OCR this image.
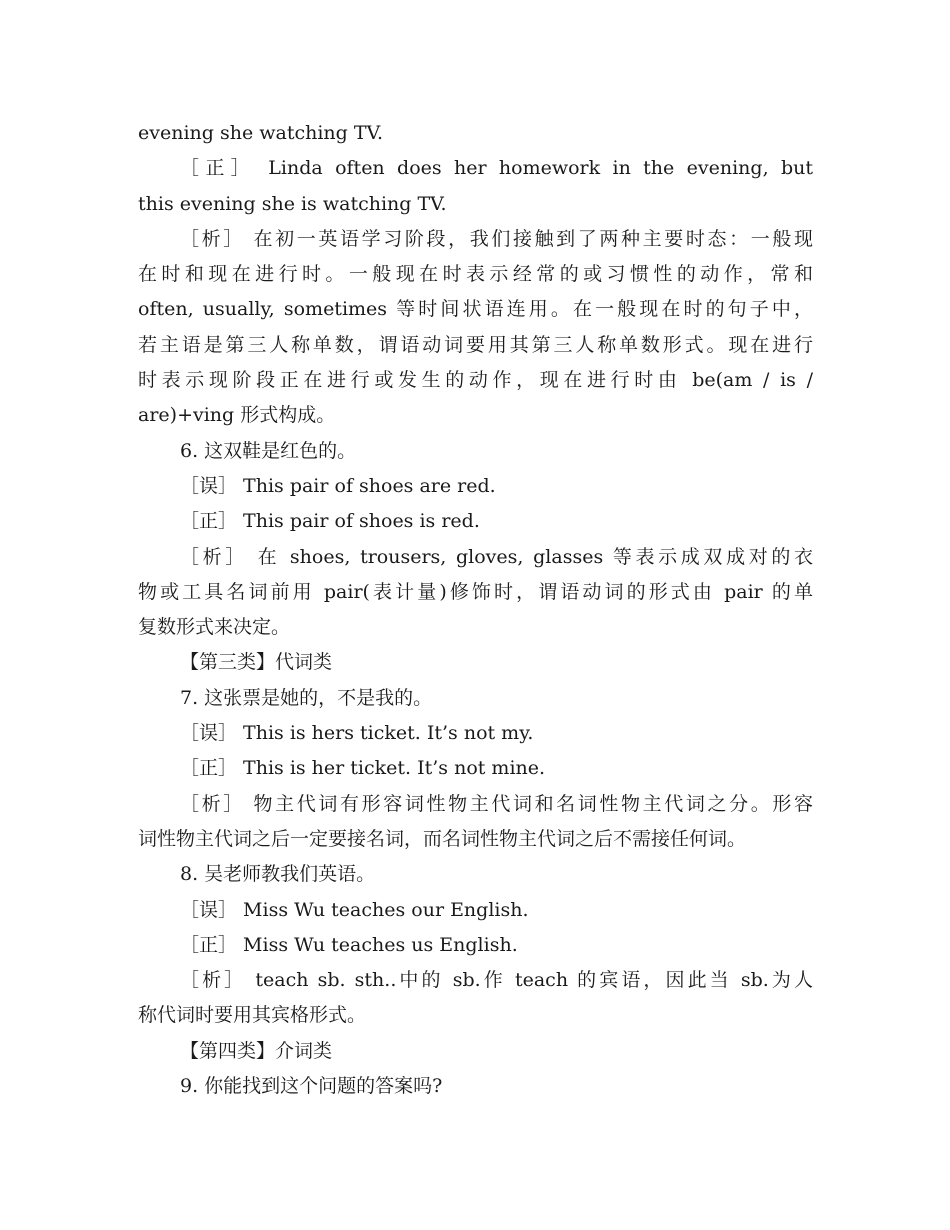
evening she watching TV.
［正］ Linda often does her homework in the evening, but
this evening she is watching TV.
［析］ 在初一英语学习阶段，我们接触到了两种主要时态：一般现
在时和现在进行时。一般现在时表示经常的或习惯性的动作，常和
often, usually, sometimes 等时间状语连用。在一般现在时的句子中，
若主语是第三人称单数，谓语动词要用其第三人称单数形式。现在进行
时表示现阶段正在进行或发生的动作，现在进行时由 be(am / is /
are)+ving 形式构成。
6. 这双鞋是红色的。
［误］ This pair of shoes are red.
［正］ This pair of shoes is red.
［析］ 在 shoes, trousers, gloves, glasses 等表示成双成对的衣
物或工具名词前用 pair(表计量)修饰时，谓语动词的形式由 pair 的单
复数形式来决定。
【第三类】代词类
7. 这张票是她的，不是我的。
［误］ This is hers ticket. It’s not my.
［正］ This is her ticket. It’s not mine.
［析］ 物主代词有形容词性物主代词和名词性物主代词之分。形容
词性物主代词之后一定要接名词，而名词性物主代词之后不需接任何词。
8. 吴老师教我们英语。
［误］ Miss Wu teaches our English.
［正］ Miss Wu teaches us English.
［析］ teach sb. sth..中的 sb.作 teach 的宾语，因此当 sb.为人
称代词时要用其宾格形式。
【第四类】介词类
9. 你能找到这个问题的答案吗?
